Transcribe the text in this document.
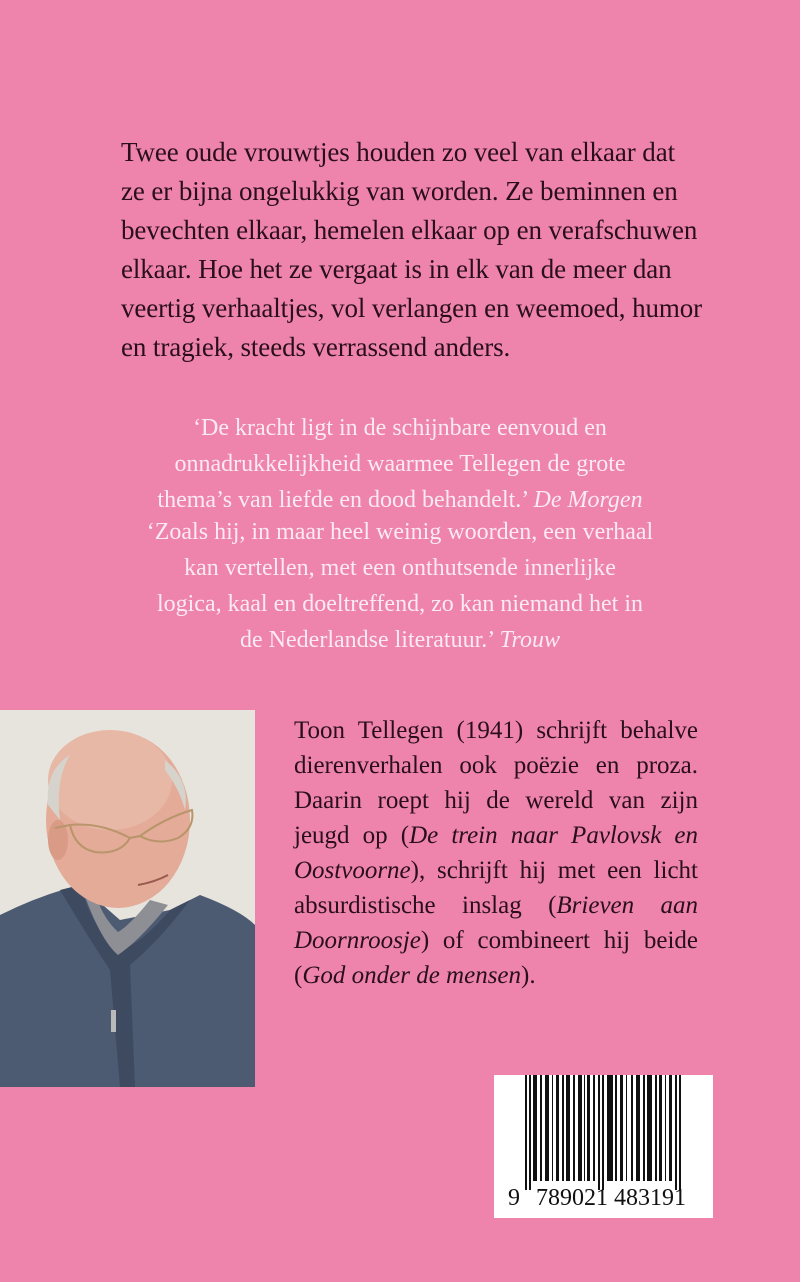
Twee oude vrouwtjes houden zo veel van elkaar dat
ze er bijna ongelukkig van worden. Ze beminnen en
bevechten elkaar, hemelen elkaar op en verafschuwen
elkaar. Hoe het ze vergaat is in elk van de meer dan
veertig verhaaltjes, vol verlangen en weemoed, humor
en tragiek, steeds verrassend anders.
‘De kracht ligt in de schijnbare eenvoud en
onnadrukkelijkheid waarmee Tellegen de grote
thema’s van liefde en dood behandelt.’ De Morgen
‘Zoals hij, in maar heel weinig woorden, een verhaal
kan vertellen, met een onthutsende innerlijke
logica, kaal en doeltreffend, zo kan niemand het in
de Nederlandse literatuur.’ Trouw
Toon Tellegen (1941) schrijft behalve
dierenverhalen ook poëzie en proza.
Daarin roept hij de wereld van zijn
jeugd op (De trein naar Pavlovsk en
Oostvoorne), schrijft hij met een licht
absurdistische inslag (Brieven aan
Doornroosje) of combineert hij beide
(God onder de mensen).
9 789021 483191
